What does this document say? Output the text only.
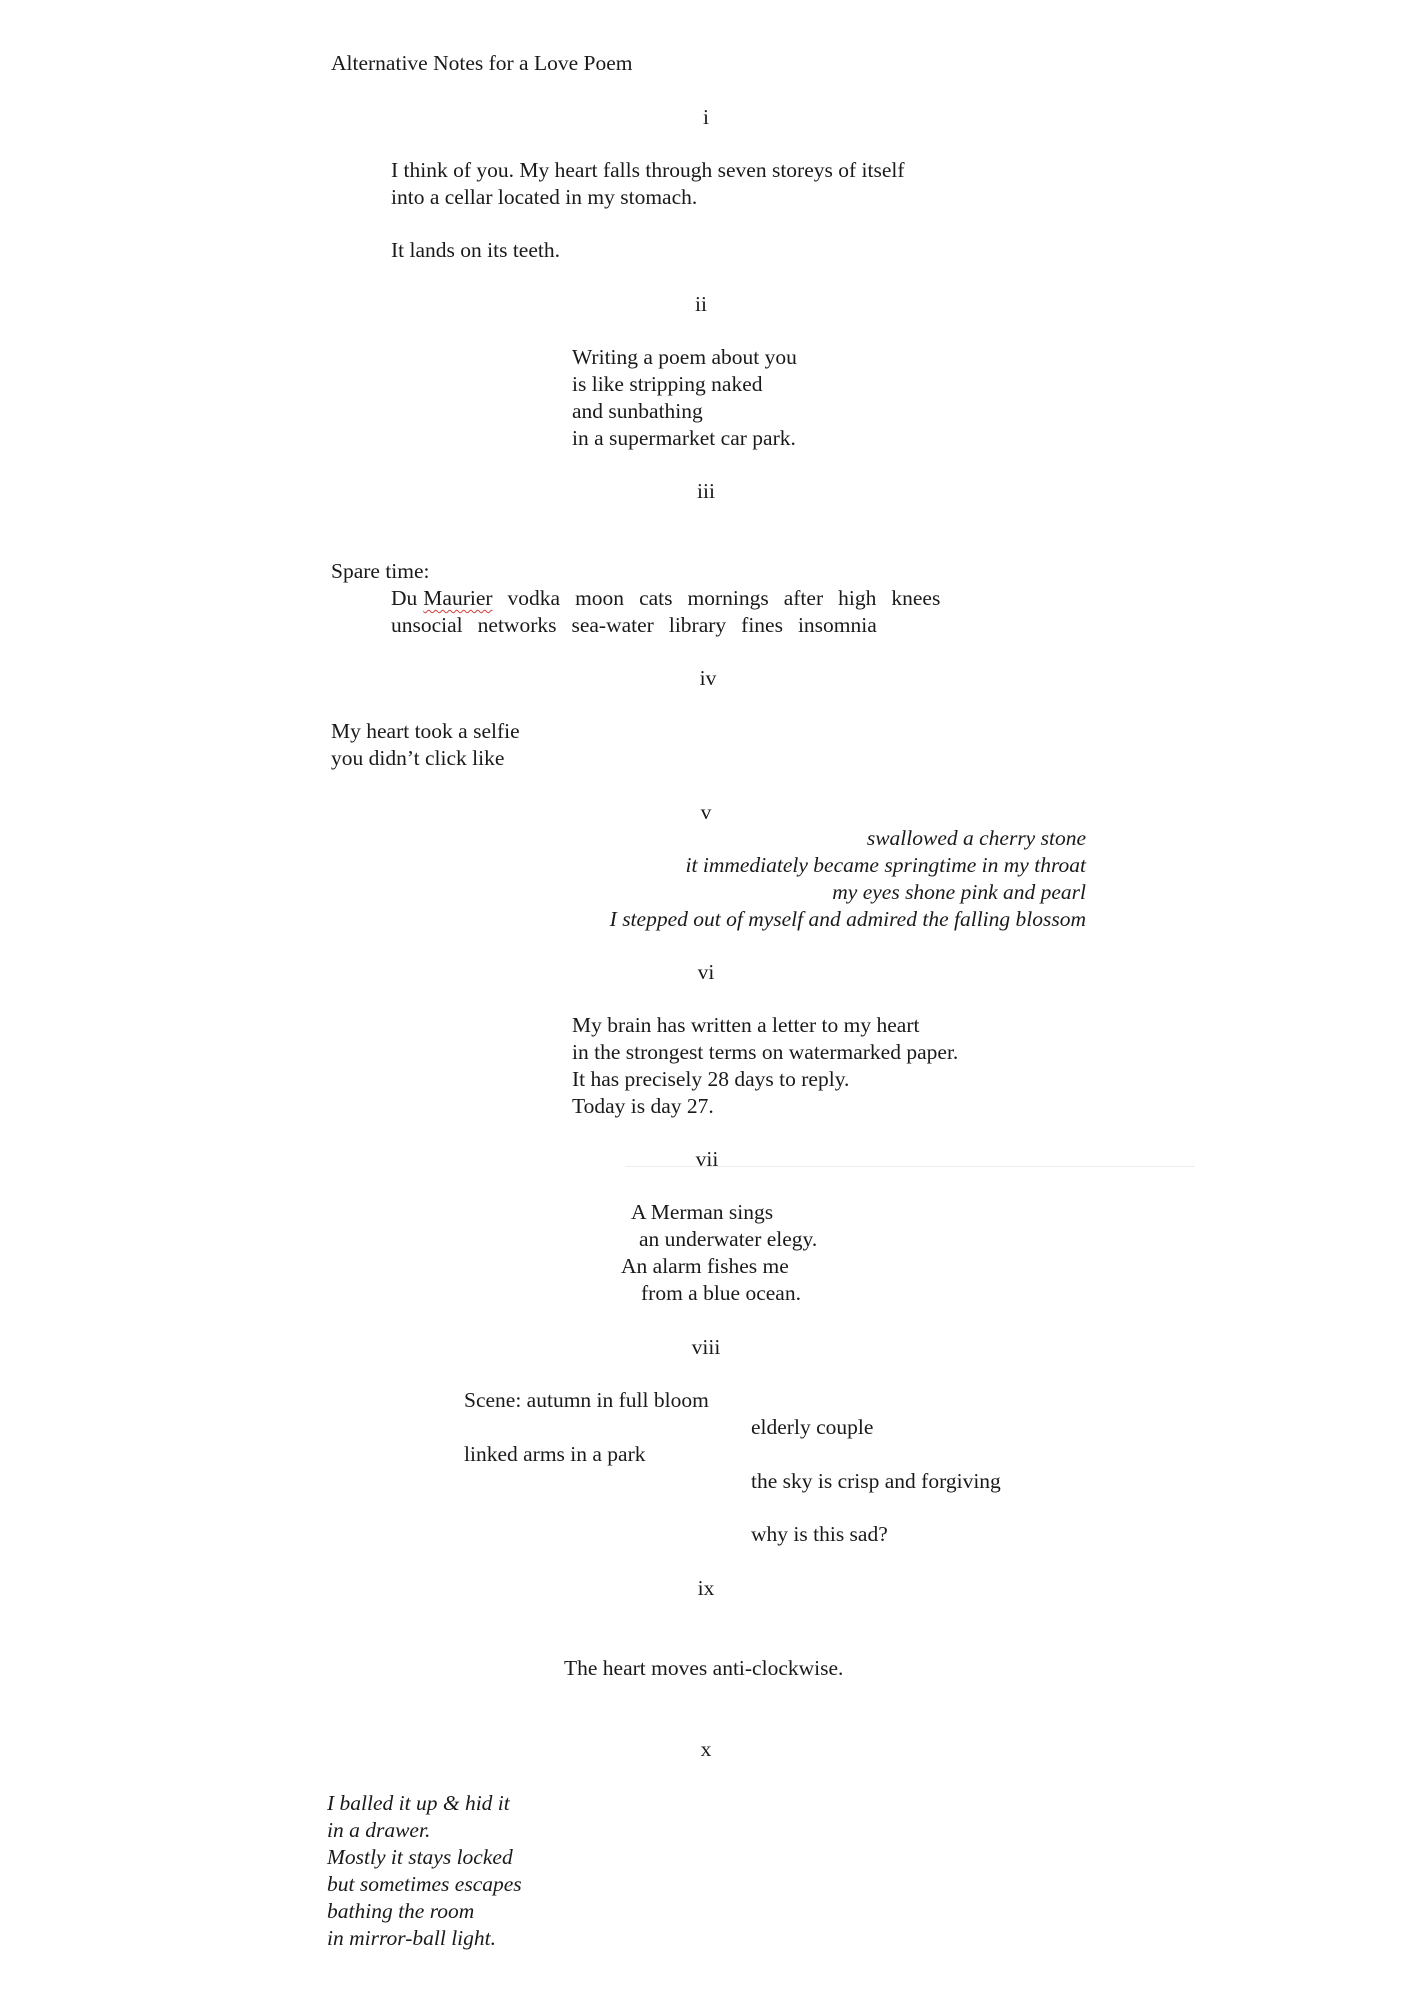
Alternative Notes for a Love Poem
i
I think of you. My heart falls through seven storeys of itself
into a cellar located in my stomach.
It lands on its teeth.
ii
Writing a poem about you
is like stripping naked
and sunbathing
in a supermarket car park.
iii
Spare time:
Du Maurier vodka moon cats mornings after high knees
unsocial networks sea-water library fines insomnia
iv
My heart took a selfie
you didn’t click like
v
swallowed a cherry stone
it immediately became springtime in my throat
my eyes shone pink and pearl
I stepped out of myself and admired the falling blossom
vi
My brain has written a letter to my heart
in the strongest terms on watermarked paper.
It has precisely 28 days to reply.
Today is day 27.
vii
A Merman sings
an underwater elegy.
An alarm fishes me
from a blue ocean.
viii
Scene: autumn in full bloom
elderly couple
linked arms in a park
the sky is crisp and forgiving
why is this sad?
ix
The heart moves anti-clockwise.
x
I balled it up & hid it
in a drawer.
Mostly it stays locked
but sometimes escapes
bathing the room
in mirror-ball light.
